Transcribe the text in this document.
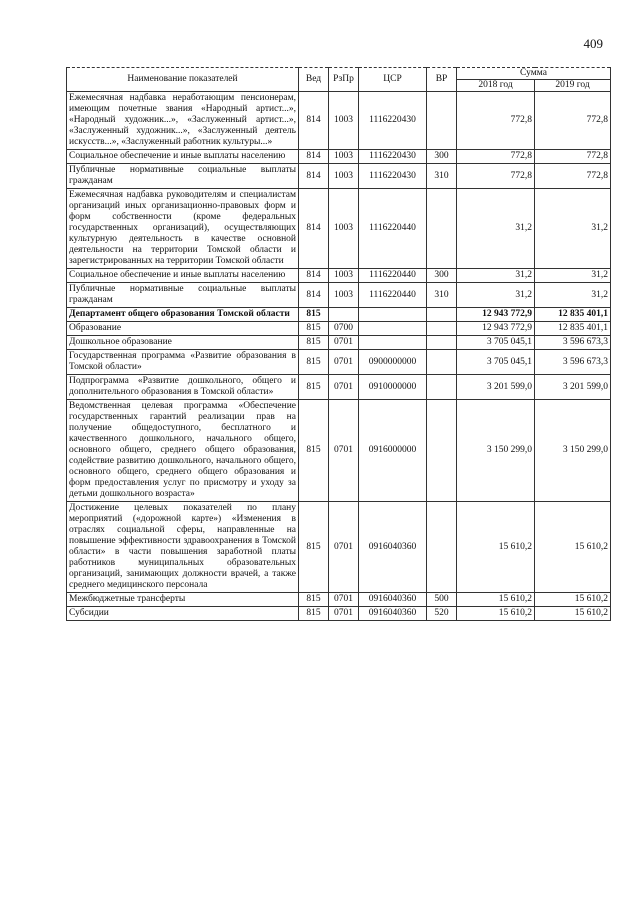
409
Наименование показателей	Вед	РзПр	ЦСР	ВР	Сумма	
					2018 год	2019 год
Ежемесячная надбавка неработающим пенсионерам, имеющим почетные звания «Народный артист...», «Народный художник...», «Заслуженный артист...», «Заслуженный художник...», «Заслуженный деятель искусств...», «Заслуженный работник культуры...»	814	1003	1116220430		772,8	772,8
Социальное обеспечение и иные выплаты населению	814	1003	1116220430	300	772,8	772,8
Публичные нормативные социальные выплаты гражданам	814	1003	1116220430	310	772,8	772,8
Ежемесячная надбавка руководителям и специалистам организаций иных организационно-правовых форм и форм собственности (кроме федеральных государственных организаций), осуществляющих культурную деятельность в качестве основной деятельности на территории Томской области и зарегистрированных на территории Томской области	814	1003	1116220440		31,2	31,2
Социальное обеспечение и иные выплаты населению	814	1003	1116220440	300	31,2	31,2
Публичные нормативные социальные выплаты гражданам	814	1003	1116220440	310	31,2	31,2
Департамент общего образования Томской области	815				12 943 772,9	12 835 401,1
Образование	815	0700			12 943 772,9	12 835 401,1
Дошкольное образование	815	0701			3 705 045,1	3 596 673,3
Государственная программа «Развитие образования в Томской области»	815	0701	0900000000		3 705 045,1	3 596 673,3
Подпрограмма «Развитие дошкольного, общего и дополнительного образования в Томской области»	815	0701	0910000000		3 201 599,0	3 201 599,0
Ведомственная целевая программа «Обеспечение государственных гарантий реализации прав на получение общедоступного, бесплатного и качественного дошкольного, начального общего, основного общего, среднего общего образования, содействие развитию дошкольного, начального общего, основного общего, среднего общего образования и форм предоставления услуг по присмотру и уходу за детьми дошкольного возраста»	815	0701	0916000000		3 150 299,0	3 150 299,0
Достижение целевых показателей по плану мероприятий («дорожной карте») «Изменения в отраслях социальной сферы, направленные на повышение эффективности здравоохранения в Томской области» в части повышения заработной платы работников муниципальных образовательных организаций, занимающих должности врачей, а также среднего медицинского персонала	815	0701	0916040360		15 610,2	15 610,2
Межбюджетные трансферты	815	0701	0916040360	500	15 610,2	15 610,2
Субсидии	815	0701	0916040360	520	15 610,2	15 610,2
